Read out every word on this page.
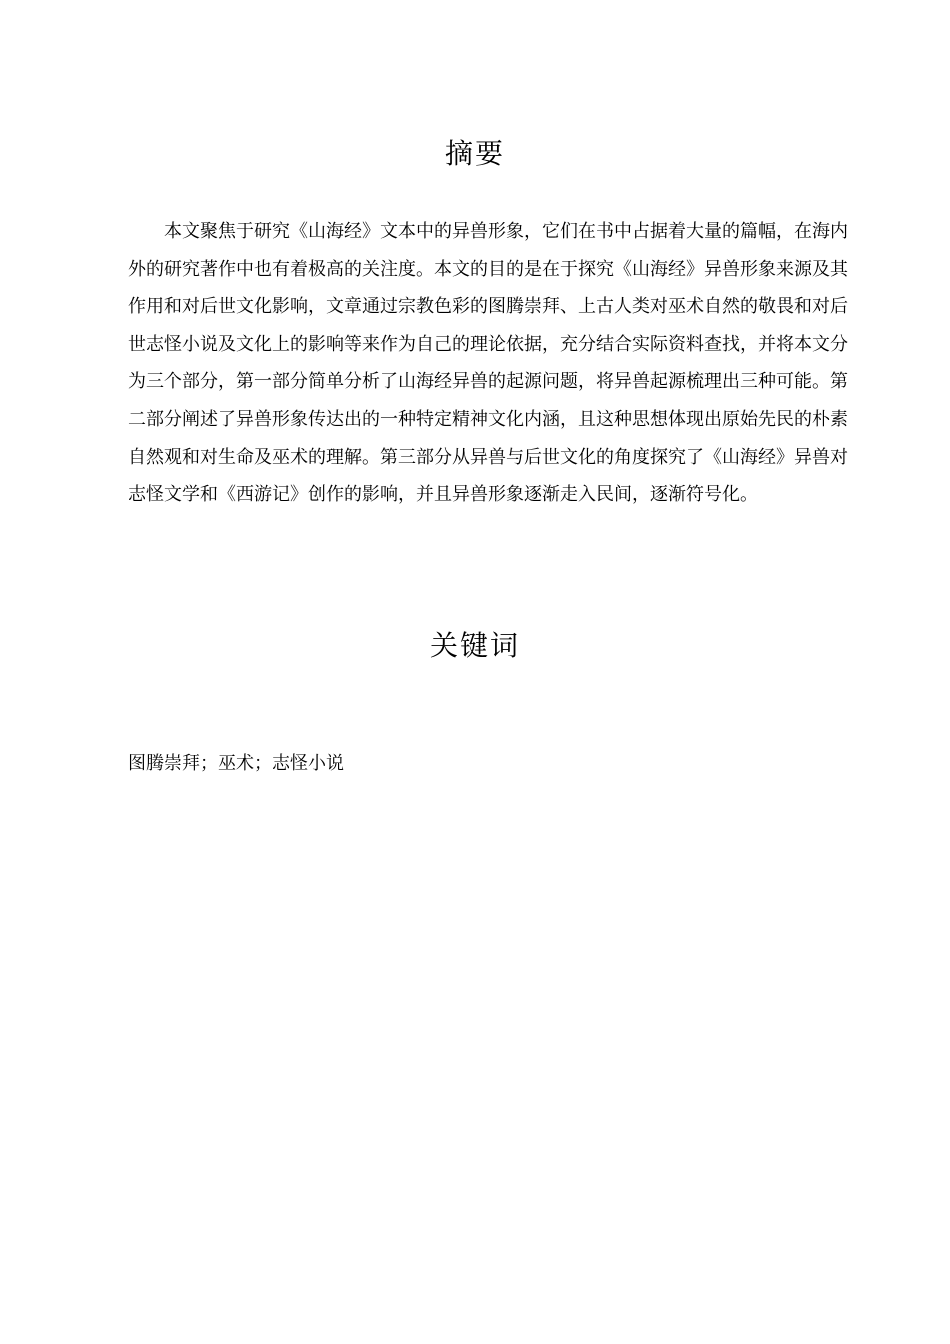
摘要

本文聚焦于研究《山海经》文本中的异兽形象，它们在书中占据着大量的篇幅，在海内外的研究著作中也有着极高的关注度。本文的目的是在于探究《山海经》异兽形象来源及其作用和对后世文化影响，文章通过宗教色彩的图腾崇拜、上古人类对巫术自然的敬畏和对后世志怪小说及文化上的影响等来作为自己的理论依据，充分结合实际资料查找，并将本文分为三个部分，第一部分简单分析了山海经异兽的起源问题，将异兽起源梳理出三种可能。第二部分阐述了异兽形象传达出的一种特定精神文化内涵，且这种思想体现出原始先民的朴素自然观和对生命及巫术的理解。第三部分从异兽与后世文化的角度探究了《山海经》异兽对志怪文学和《西游记》创作的影响，并且异兽形象逐渐走入民间，逐渐符号化。

关键词
图腾崇拜；巫术；志怪小说
